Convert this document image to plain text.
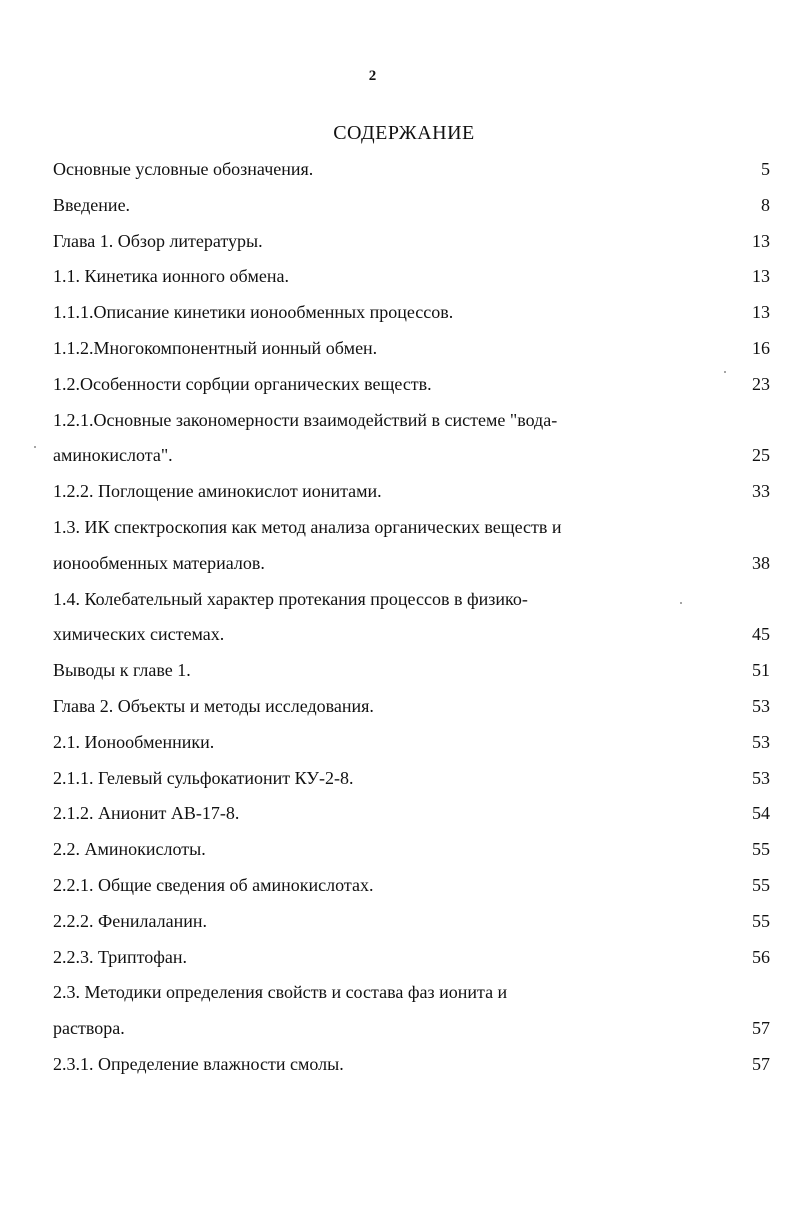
2
СОДЕРЖАНИЕ
Основные условные обозначения.	5
Введение.	8
Глава 1. Обзор литературы.	13
1.1. Кинетика ионного обмена.	13
1.1.1.Описание кинетики ионообменных процессов.	13
1.1.2.Многокомпонентный ионный обмен.	16
1.2.Особенности сорбции органических веществ.	23
1.2.1.Основные закономерности взаимодействий в системе "вода-
аминокислота".	25
1.2.2. Поглощение аминокислот ионитами.	33
1.3. ИК спектроскопия как метод анализа органических веществ и
ионообменных материалов.	38
1.4. Колебательный характер протекания процессов в физико-
химических системах.	45
Выводы к главе 1.	51
Глава 2. Объекты и методы исследования.	53
2.1. Ионообменники.	53
2.1.1. Гелевый сульфокатионит КУ-2-8.	53
2.1.2. Анионит АВ-17-8.	54
2.2. Аминокислоты.	55
2.2.1. Общие сведения об аминокислотах.	55
2.2.2. Фенилаланин.	55
2.2.3. Триптофан.	56
2.3. Методики определения свойств и состава фаз ионита и
раствора.	57
2.3.1. Определение влажности смолы.	57
